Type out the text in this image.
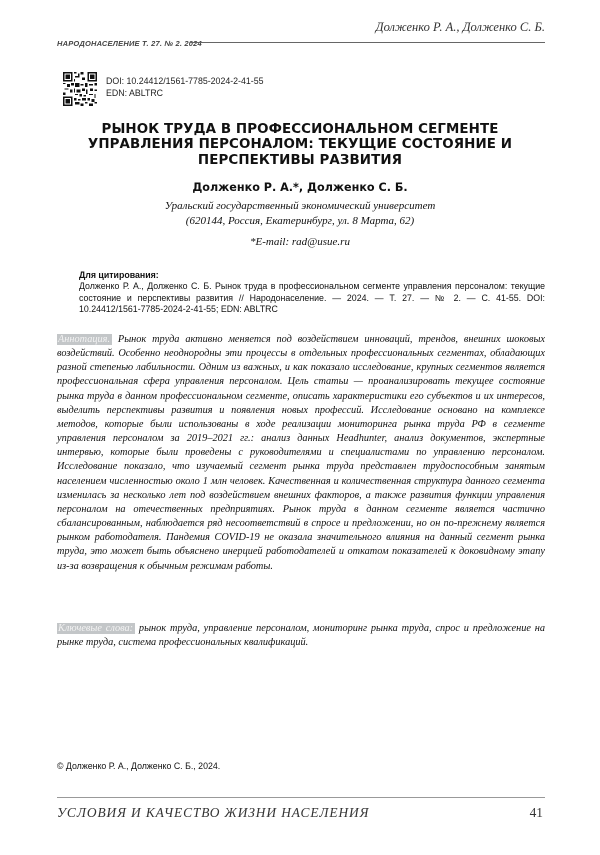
Долженко Р. А., Долженко С. Б.
НАРОДОНАСЕЛЕНИЕ Т. 27. № 2. 2024
DOI: 10.24412/1561-7785-2024-2-41-55
EDN: ABLTRC
РЫНОК ТРУДА В ПРОФЕССИОНАЛЬНОМ СЕГМЕНТЕ УПРАВЛЕНИЯ ПЕРСОНАЛОМ: ТЕКУЩИЕ СОСТОЯНИЕ И ПЕРСПЕКТИВЫ РАЗВИТИЯ
Долженко Р. А.*, Долженко С. Б.
Уральский государственный экономический университет
(620144, Россия, Екатеринбург, ул. 8 Марта, 62)
*E-mail: rad@usue.ru
Для цитирования:
Долженко Р. А., Долженко С. Б. Рынок труда в профессиональном сегменте управления персоналом: текущие состояние и перспективы развития // Народонаселение. — 2024. — Т. 27. — № 2. — С. 41-55. DOI: 10.24412/1561-7785-2024-2-41-55; EDN: ABLTRC
Аннотация. Рынок труда активно меняется под воздействием инноваций, трендов, внешних шоковых воздействий. Особенно неоднородны эти процессы в отдельных профессиональных сегментах, обладающих разной степенью лабильности. Одним из важных, и как показало исследование, крупных сегментов является профессиональная сфера управления персоналом. Цель статьи — проанализировать текущее состояние рынка труда в данном профессиональном сегменте, описать характеристики его субъектов и их интересов, выделить перспективы развития и появления новых профессий. Исследование основано на комплексе методов, которые были использованы в ходе реализации мониторинга рынка труда РФ в сегменте управления персоналом за 2019–2021 гг.: анализ данных Headhunter, анализ документов, экспертные интервью, которые были проведены с руководителями и специалистами по управлению персоналом. Исследование показало, что изучаемый сегмент рынка труда представлен трудоспособным занятым населением численностью около 1 млн человек. Качественная и количественная структура данного сегмента изменилась за несколько лет под воздействием внешних факторов, а также развития функции управления персоналом на отечественных предприятиях. Рынок труда в данном сегменте является частично сбалансированным, наблюдается ряд несоответствий в спросе и предложении, но он по-прежнему является рынком работодателя. Пандемия COVID-19 не оказала значительного влияния на данный сегмент рынка труда, это может быть объяснено инерцией работодателей и откатом показателей к доковидному этапу из-за возвращения к обычным режимам работы.
Ключевые слова: рынок труда, управление персоналом, мониторинг рынка труда, спрос и предложение на рынке труда, система профессиональных квалификаций.
© Долженко Р. А., Долженко С. Б., 2024.
УСЛОВИЯ И КАЧЕСТВО ЖИЗНИ НАСЕЛЕНИЯ	41
